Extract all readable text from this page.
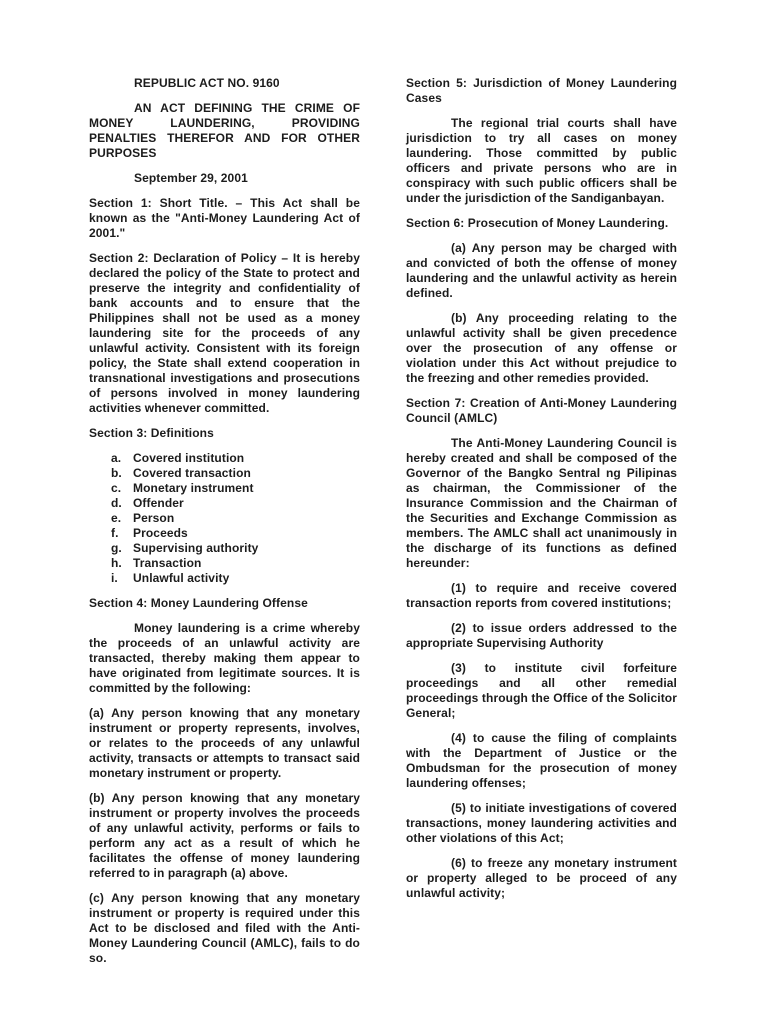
REPUBLIC ACT NO. 9160

AN ACT DEFINING THE CRIME OF MONEY LAUNDERING, PROVIDING PENALTIES THEREFOR AND FOR OTHER PURPOSES

September 29, 2001

Section 1: Short Title. – This Act shall be known as the "Anti-Money Laundering Act of 2001."

Section 2: Declaration of Policy – It is hereby declared the policy of the State to protect and preserve the integrity and confidentiality of bank accounts and to ensure that the Philippines shall not be used as a money laundering site for the proceeds of any unlawful activity. Consistent with its foreign policy, the State shall extend cooperation in transnational investigations and prosecutions of persons involved in money laundering activities whenever committed.

Section 3: Definitions

a. Covered institution
b. Covered transaction
c. Monetary instrument
d. Offender
e. Person
f. Proceeds
g. Supervising authority
h. Transaction
i. Unlawful activity

Section 4: Money Laundering Offense

Money laundering is a crime whereby the proceeds of an unlawful activity are transacted, thereby making them appear to have originated from legitimate sources. It is committed by the following:

(a) Any person knowing that any monetary instrument or property represents, involves, or relates to the proceeds of any unlawful activity, transacts or attempts to transact said monetary instrument or property.

(b) Any person knowing that any monetary instrument or property involves the proceeds of any unlawful activity, performs or fails to perform any act as a result of which he facilitates the offense of money laundering referred to in paragraph (a) above.

(c) Any person knowing that any monetary instrument or property is required under this Act to be disclosed and filed with the Anti-Money Laundering Council (AMLC), fails to do so.

Section 5: Jurisdiction of Money Laundering Cases

The regional trial courts shall have jurisdiction to try all cases on money laundering. Those committed by public officers and private persons who are in conspiracy with such public officers shall be under the jurisdiction of the Sandiganbayan.

Section 6: Prosecution of Money Laundering.

(a) Any person may be charged with and convicted of both the offense of money laundering and the unlawful activity as herein defined.

(b) Any proceeding relating to the unlawful activity shall be given precedence over the prosecution of any offense or violation under this Act without prejudice to the freezing and other remedies provided.

Section 7: Creation of Anti-Money Laundering Council (AMLC)

The Anti-Money Laundering Council is hereby created and shall be composed of the Governor of the Bangko Sentral ng Pilipinas as chairman, the Commissioner of the Insurance Commission and the Chairman of the Securities and Exchange Commission as members. The AMLC shall act unanimously in the discharge of its functions as defined hereunder:

(1) to require and receive covered transaction reports from covered institutions;

(2) to issue orders addressed to the appropriate Supervising Authority

(3) to institute civil forfeiture proceedings and all other remedial proceedings through the Office of the Solicitor General;

(4) to cause the filing of complaints with the Department of Justice or the Ombudsman for the prosecution of money laundering offenses;

(5) to initiate investigations of covered transactions, money laundering activities and other violations of this Act;

(6) to freeze any monetary instrument or property alleged to be proceed of any unlawful activity;
